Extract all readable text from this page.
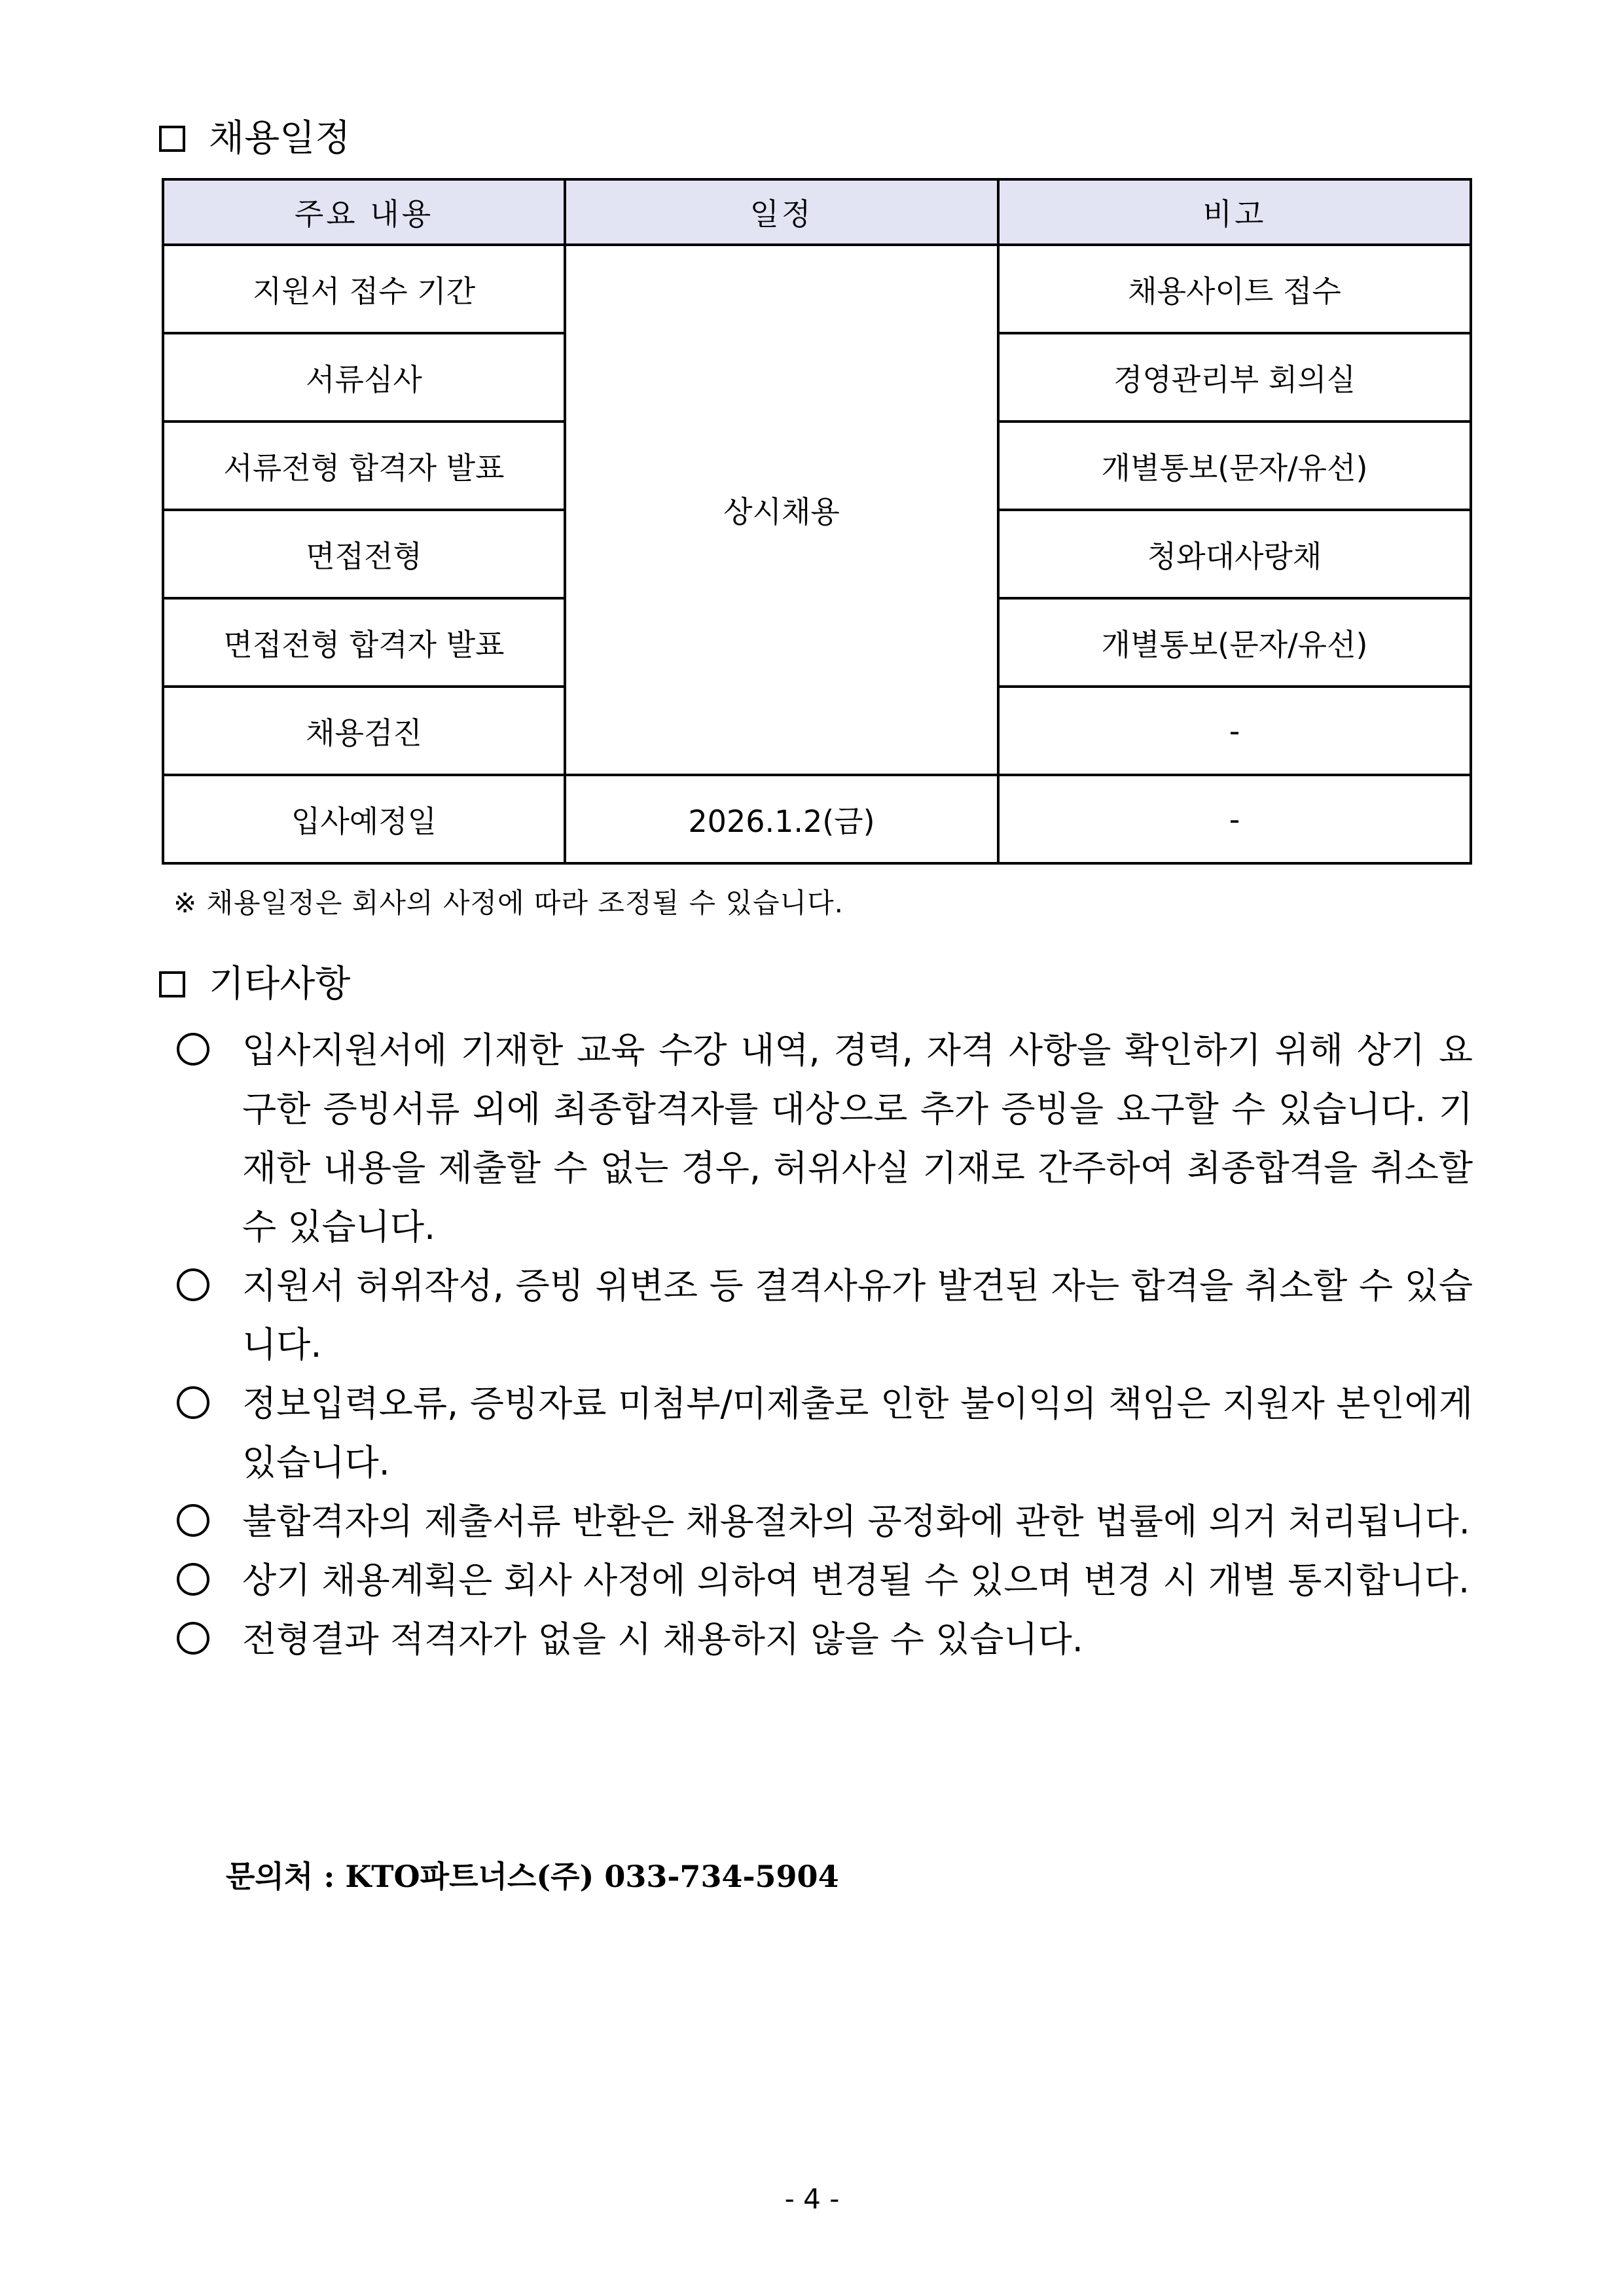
채용일정
주요 내용	일정	비고
지원서 접수 기간	상시채용	채용사이트 접수
서류심사		경영관리부 회의실
서류전형 합격자 발표		개별통보(문자/유선)
면접전형		청와대사랑채
면접전형 합격자 발표		개별통보(문자/유선)
채용검진		-
입사예정일	2026.1.2(금)	-
※ 채용일정은 회사의 사정에 따라 조정될 수 있습니다.
기타사항
입사지원서에 기재한 교육 수강 내역, 경력, 자격 사항을 확인하기 위해 상기 요구한 증빙서류 외에 최종합격자를 대상으로 추가 증빙을 요구할 수 있습니다. 기재한 내용을 제출할 수 없는 경우, 허위사실 기재로 간주하여 최종합격을 취소할 수 있습니다.
지원서 허위작성, 증빙 위변조 등 결격사유가 발견된 자는 합격을 취소할 수 있습니다.
정보입력오류, 증빙자료 미첨부/미제출로 인한 불이익의 책임은 지원자 본인에게 있습니다.
불합격자의 제출서류 반환은 채용절차의 공정화에 관한 법률에 의거 처리됩니다.
상기 채용계획은 회사 사정에 의하여 변경될 수 있으며 변경 시 개별 통지합니다.
전형결과 적격자가 없을 시 채용하지 않을 수 있습니다.
문의처 : KTO파트너스(주) 033-734-5904
- 4 -
